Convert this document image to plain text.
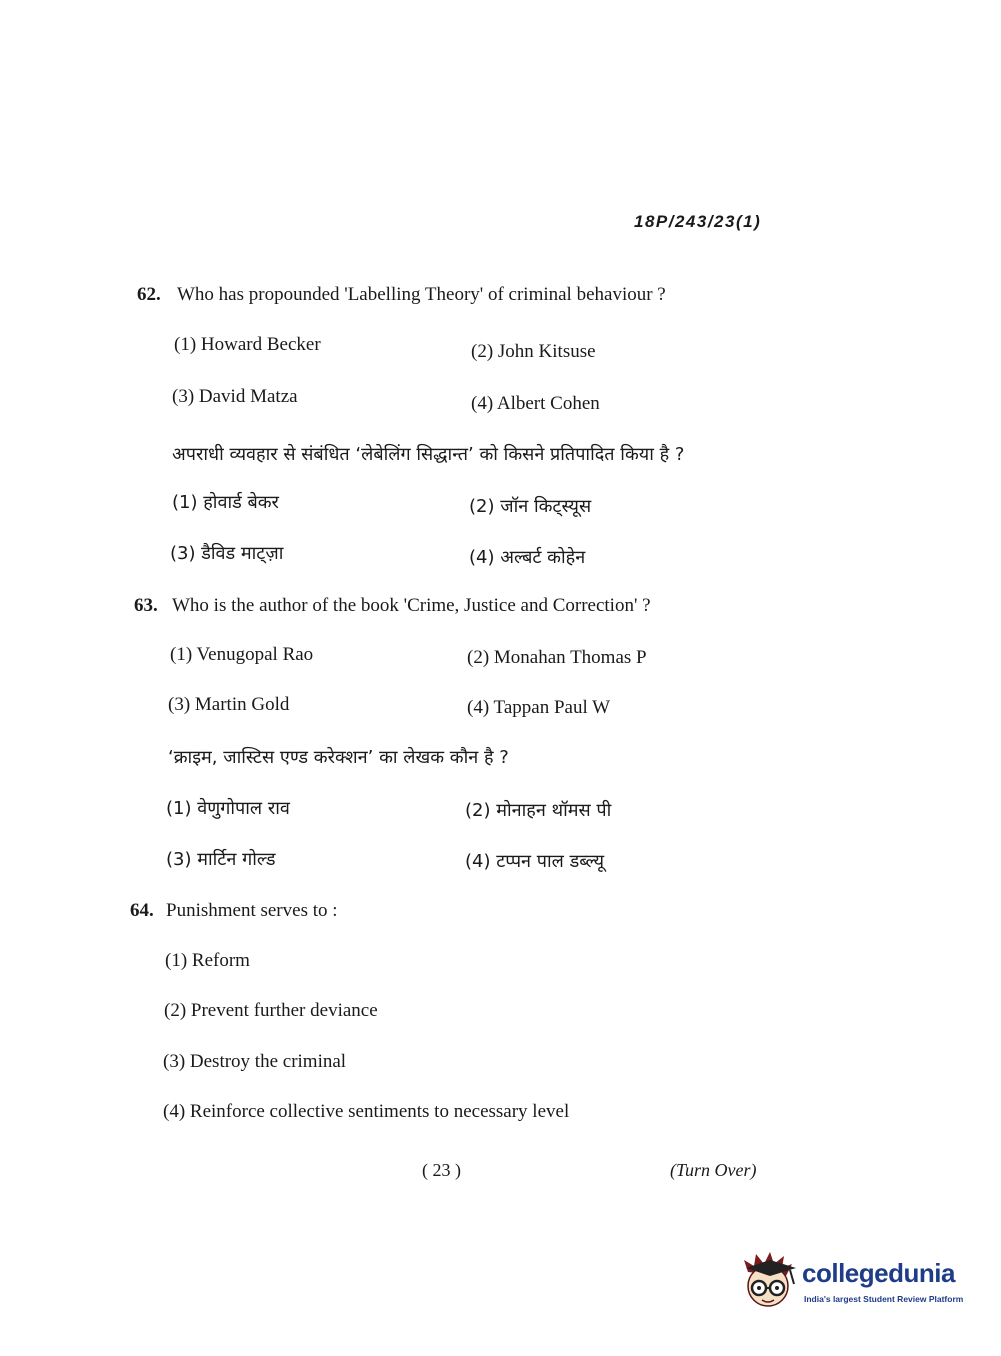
18P/243/23(1)
62. Who has propounded 'Labelling Theory' of criminal behaviour ?
(1) Howard Becker	(2) John Kitsuse
(3) David Matza	(4) Albert Cohen
अपराधी व्यवहार से संबंधित ‘लेबेलिंग सिद्धान्त’ को किसने प्रतिपादित किया है ?
(1) होवार्ड बेकर	(2) जॉन किट्स्यूस
(3) डैविड माट्ज़ा	(4) अल्बर्ट कोहेन
63. Who is the author of the book 'Crime, Justice and Correction' ?
(1) Venugopal Rao	(2) Monahan Thomas P
(3) Martin Gold	(4) Tappan Paul W
‘क्राइम, जास्टिस एण्ड करेक्शन’ का लेखक कौन है ?
(1) वेणुगोपाल राव	(2) मोनाहन थॉमस पी
(3) मार्टिन गोल्ड	(4) टप्पन पाल डब्ल्यू
64. Punishment serves to :
(1) Reform
(2) Prevent further deviance
(3) Destroy the criminal
(4) Reinforce collective sentiments to necessary level
( 23 )	(Turn Over)
collegedunia
India's largest Student Review Platform
